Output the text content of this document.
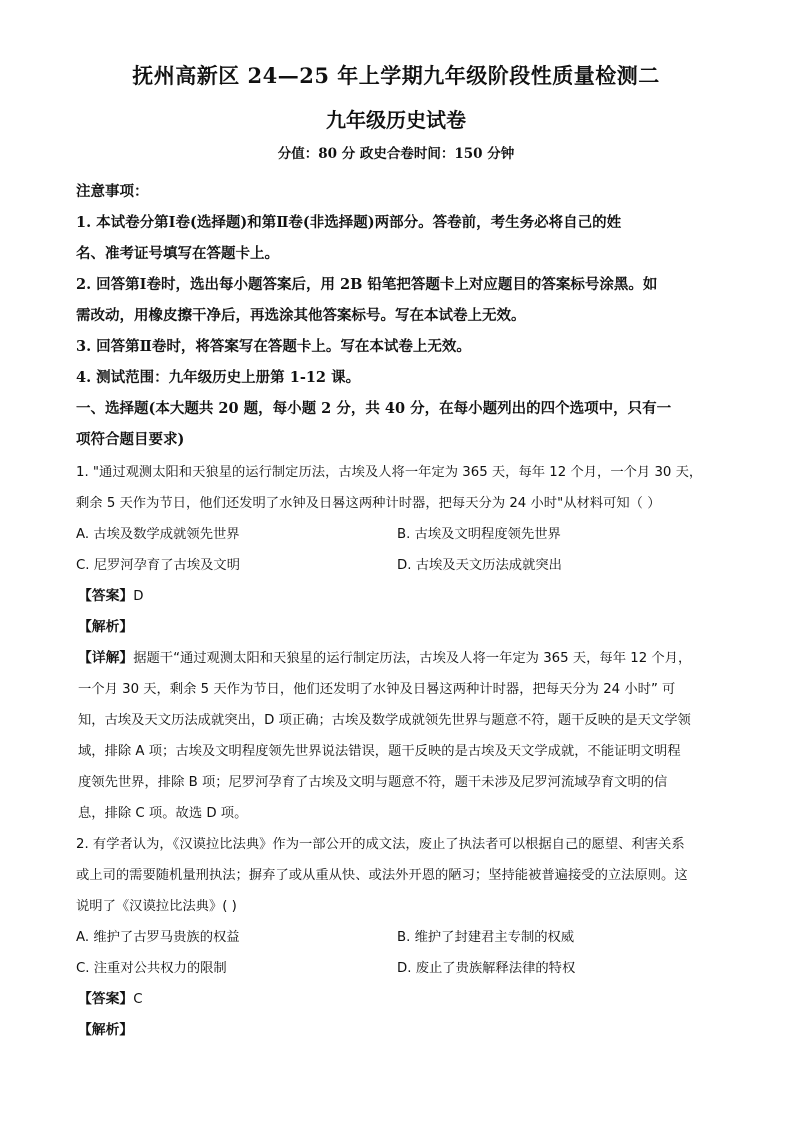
抚州高新区 24—25 年上学期九年级阶段性质量检测二
九年级历史试卷
分值：80 分 政史合卷时间：150 分钟

注意事项：

1. 本试卷分第Ⅰ卷(选择题)和第Ⅱ卷(非选择题)两部分。答卷前，考生务必将自己的姓

名、准考证号填写在答题卡上。

2. 回答第Ⅰ卷时，选出每小题答案后，用 2B 铅笔把答题卡上对应题目的答案标号涂黑。如

需改动，用橡皮擦干净后，再选涂其他答案标号。写在本试卷上无效。

3. 回答第Ⅱ卷时，将答案写在答题卡上。写在本试卷上无效。

4. 测试范围：九年级历史上册第 1-12 课。

一、选择题(本大题共 20 题，每小题 2 分，共 40 分，在每小题列出的四个选项中，只有一

项符合题目要求)

1. "通过观测太阳和天狼星的运行制定历法，古埃及人将一年定为 365 天，每年 12 个月，一个月 30 天，

剩余 5 天作为节日，他们还发明了水钟及日晷这两种计时器，把每天分为 24 小时"从材料可知（ ）

A. 古埃及数学成就领先世界	B. 古埃及文明程度领先世界
C. 尼罗河孕育了古埃及文明	D. 古埃及天文历法成就突出

【答案】D

【解析】

【详解】据题干“通过观测太阳和天狼星的运行制定历法，古埃及人将一年定为 365 天，每年 12 个月，

一个月 30 天，剩余 5 天作为节日，他们还发明了水钟及日晷这两种计时器，把每天分为 24 小时” 可

知，古埃及天文历法成就突出，D 项正确；古埃及数学成就领先世界与题意不符，题干反映的是天文学领

域，排除 A 项；古埃及文明程度领先世界说法错误，题干反映的是古埃及天文学成就，不能证明文明程

度领先世界，排除 B 项；尼罗河孕育了古埃及文明与题意不符，题干未涉及尼罗河流域孕育文明的信

息，排除 C 项。故选 D 项。

2. 有学者认为，《汉谟拉比法典》作为一部公开的成文法，废止了执法者可以根据自己的愿望、利害关系

或上司的需要随机量刑执法；摒弃了或从重从快、或法外开恩的陋习；坚持能被普遍接受的立法原则。这

说明了《汉谟拉比法典》( )

A. 维护了古罗马贵族的权益	B. 维护了封建君主专制的权威
C. 注重对公共权力的限制	D. 废止了贵族解释法律的特权

【答案】C

【解析】
